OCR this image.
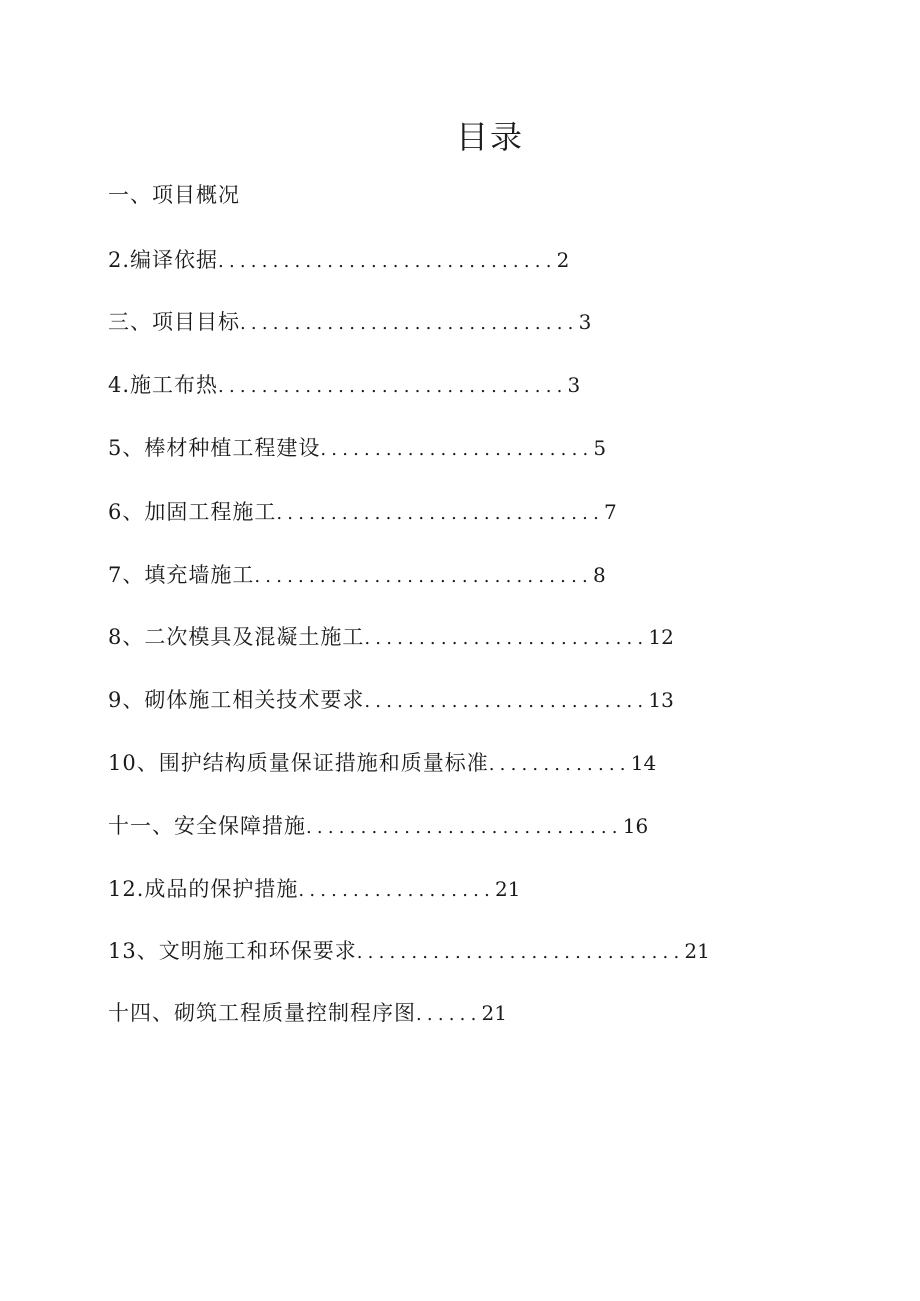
目录
一、项目概况
2.编译依据 ............................... 2
三、项目目标 ............................... 3
4.施工布热 ................................ 3
5、棒材种植工程建设 ......................... 5
6、加固工程施工 .............................. 7
7、填充墙施工 ............................... 8
8、二次模具及混凝土施工 .......................... 12
9、砌体施工相关技术要求 .......................... 13
10、围护结构质量保证措施和质量标准 ............. 14
十一、安全保障措施 ............................. 16
12.成品的保护措施 .................. 21
13、文明施工和环保要求 .............................. 21
十四、砌筑工程质量控制程序图 ...... 21
